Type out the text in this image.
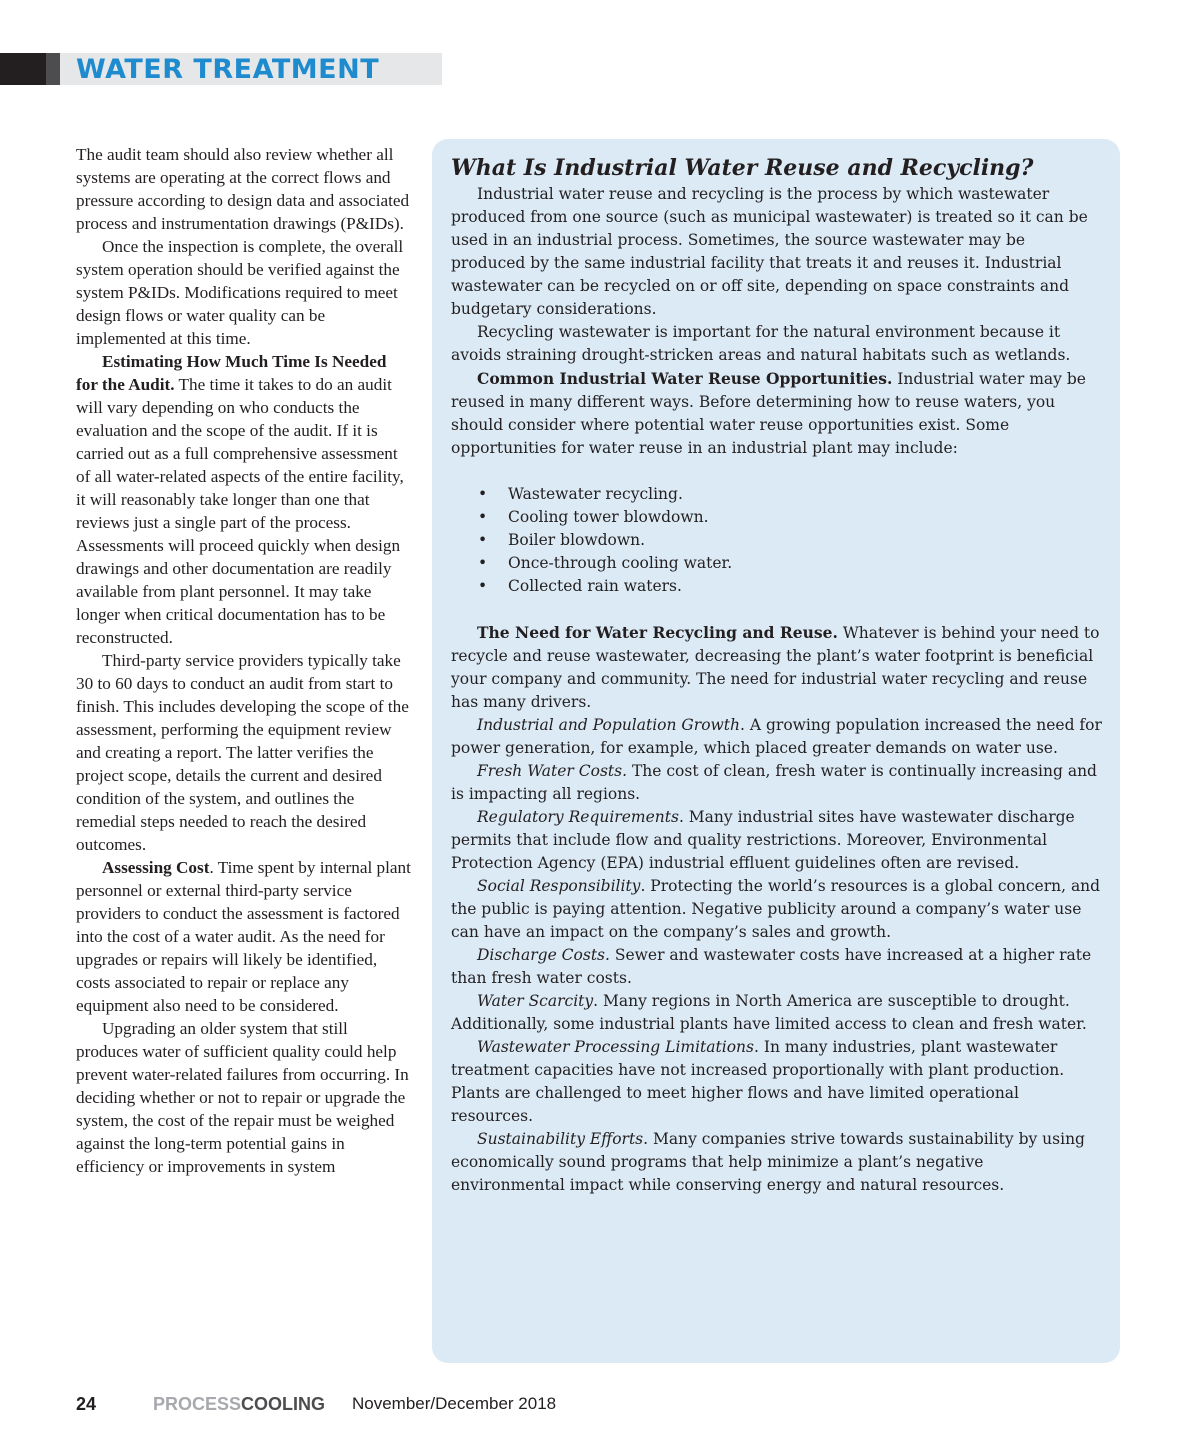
WATER TREATMENT

The audit team should also review whether all systems are operating at the correct flows and pressure according to design data and associated process and instrumentation drawings (P&IDs).

Once the inspection is complete, the overall system operation should be verified against the system P&IDs. Modifications required to meet design flows or water quality can be implemented at this time.

Estimating How Much Time Is Needed for the Audit. The time it takes to do an audit will vary depending on who conducts the evaluation and the scope of the audit. If it is carried out as a full comprehensive assessment of all water-related aspects of the entire facility, it will reasonably take longer than one that reviews just a single part of the process. Assessments will proceed quickly when design drawings and other documentation are readily available from plant personnel. It may take longer when critical documentation has to be reconstructed.

Third-party service providers typically take 30 to 60 days to conduct an audit from start to finish. This includes developing the scope of the assessment, performing the equipment review and creating a report. The latter verifies the project scope, details the current and desired condition of the system, and outlines the remedial steps needed to reach the desired outcomes.

Assessing Cost. Time spent by internal plant personnel or external third-party service providers to conduct the assessment is factored into the cost of a water audit. As the need for upgrades or repairs will likely be identified, costs associated to repair or replace any equipment also need to be considered.

Upgrading an older system that still produces water of sufficient quality could help prevent water-related failures from occurring. In deciding whether or not to repair or upgrade the system, the cost of the repair must be weighed against the long-term potential gains in efficiency or improvements in system

What Is Industrial Water Reuse and Recycling?

Industrial water reuse and recycling is the process by which wastewater produced from one source (such as municipal wastewater) is treated so it can be used in an industrial process. Sometimes, the source wastewater may be produced by the same industrial facility that treats it and reuses it. Industrial wastewater can be recycled on or off site, depending on space constraints and budgetary considerations.

Recycling wastewater is important for the natural environment because it avoids straining drought-stricken areas and natural habitats such as wetlands.

Common Industrial Water Reuse Opportunities. Industrial water may be reused in many different ways. Before determining how to reuse waters, you should consider where potential water reuse opportunities exist. Some opportunities for water reuse in an industrial plant may include:

• Wastewater recycling.
• Cooling tower blowdown.
• Boiler blowdown.
• Once-through cooling water.
• Collected rain waters.

The Need for Water Recycling and Reuse. Whatever is behind your need to recycle and reuse wastewater, decreasing the plant’s water footprint is beneficial your company and community. The need for industrial water recycling and reuse has many drivers.

Industrial and Population Growth. A growing population increased the need for power generation, for example, which placed greater demands on water use.

Fresh Water Costs. The cost of clean, fresh water is continually increasing and is impacting all regions.

Regulatory Requirements. Many industrial sites have wastewater discharge permits that include flow and quality restrictions. Moreover, Environmental Protection Agency (EPA) industrial effluent guidelines often are revised.

Social Responsibility. Protecting the world’s resources is a global concern, and the public is paying attention. Negative publicity around a company’s water use can have an impact on the company’s sales and growth.

Discharge Costs. Sewer and wastewater costs have increased at a higher rate than fresh water costs.

Water Scarcity. Many regions in North America are susceptible to drought. Additionally, some industrial plants have limited access to clean and fresh water.

Wastewater Processing Limitations. In many industries, plant wastewater treatment capacities have not increased proportionally with plant production. Plants are challenged to meet higher flows and have limited operational resources.

Sustainability Efforts. Many companies strive towards sustainability by using economically sound programs that help minimize a plant’s negative environmental impact while conserving energy and natural resources.

24	PROCESSCOOLING November/December 2018
